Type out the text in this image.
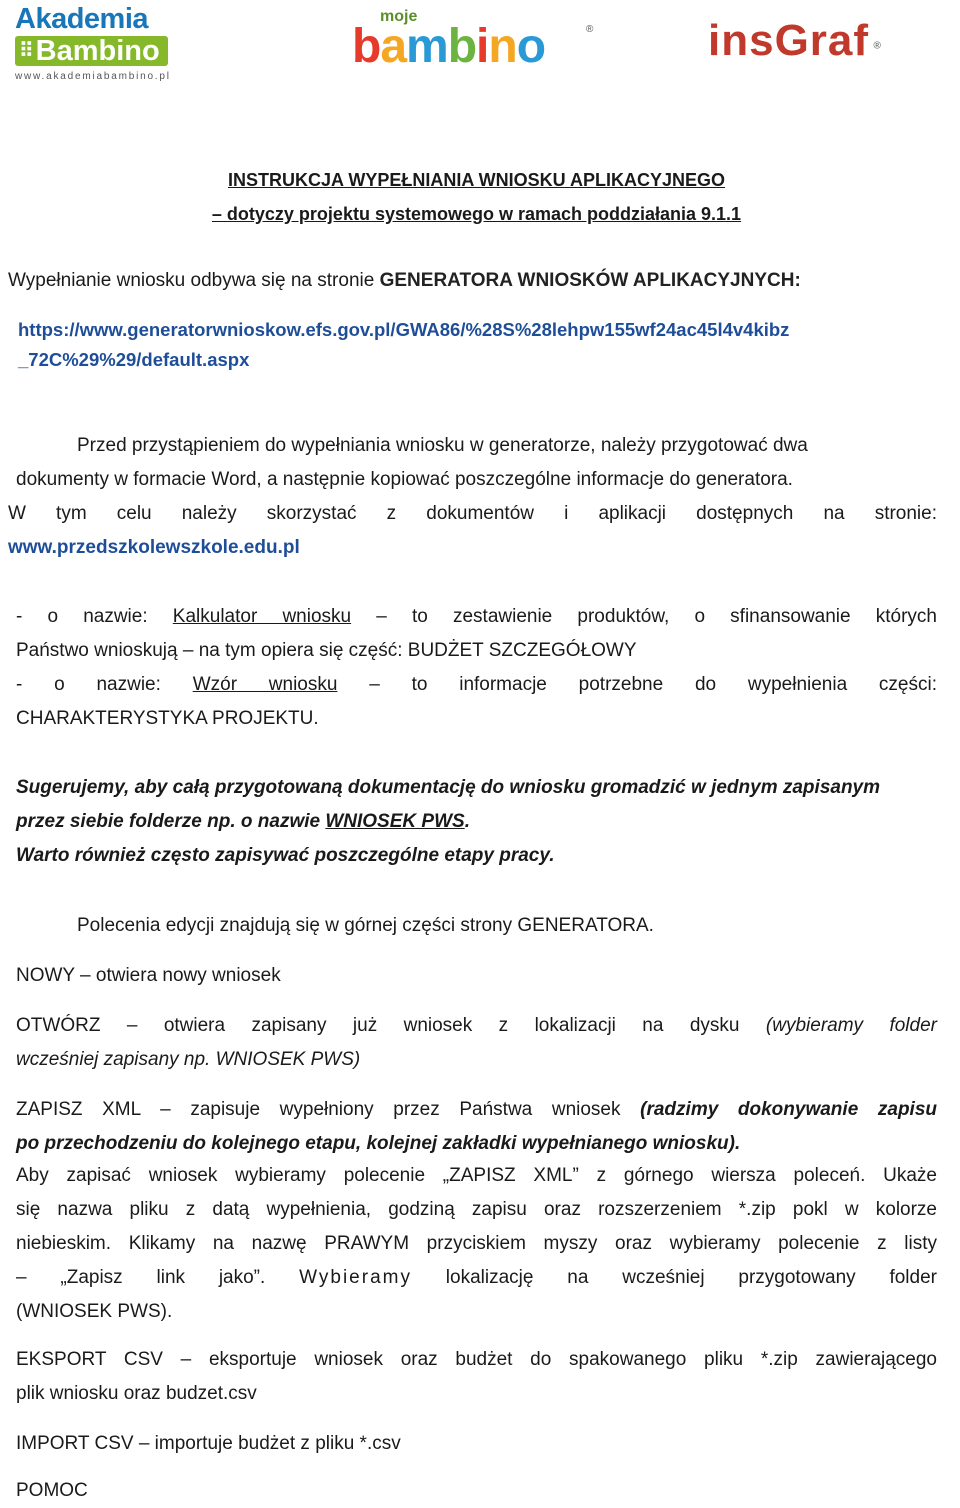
Akademia
⠿Bambino
www.akademiabambino.pl
moje
bambino	®	insGraf ®

INSTRUKCJA WYPEŁNIANIA WNIOSKU APLIKACYJNEGO

– dotyczy projektu systemowego w ramach poddziałania 9.1.1

Wypełnianie wniosku odbywa się na stronie GENERATORA WNIOSKÓW APLIKACYJNYCH:

https://www.generatorwnioskow.efs.gov.pl/GWA86/%28S%28lehpw155wf24ac45l4v4kibz

_72C%29%29/default.aspx

Przed przystąpieniem do wypełniania wniosku w generatorze, należy przygotować dwa

dokumenty w formacie Word, a następnie kopiować poszczególne informacje do generatora.

W tym celu należy skorzystać z dokumentów i aplikacji dostępnych na stronie:

www.przedszkolewszkole.edu.pl

- o nazwie: Kalkulator wniosku – to zestawienie produktów, o sfinansowanie których

Państwo wnioskują – na tym opiera się część: BUDŻET SZCZEGÓŁOWY

- o nazwie: Wzór wniosku – to informacje potrzebne do wypełnienia części:

CHARAKTERYSTYKA PROJEKTU.

Sugerujemy, aby całą przygotowaną dokumentację do wniosku gromadzić w jednym zapisanym

przez siebie folderze np. o nazwie WNIOSEK PWS.

Warto również często zapisywać poszczególne etapy pracy.

Polecenia edycji znajdują się w górnej części strony GENERATORA.

NOWY – otwiera nowy wniosek

OTWÓRZ – otwiera zapisany już wniosek z lokalizacji na dysku (wybieramy folder

wcześniej zapisany np. WNIOSEK PWS)

ZAPISZ XML – zapisuje wypełniony przez Państwa wniosek (radzimy dokonywanie zapisu

po przechodzeniu do kolejnego etapu, kolejnej zakładki wypełnianego wniosku).

Aby zapisać wniosek wybieramy polecenie „ZAPISZ XML” z górnego wiersza poleceń. Ukaże

się nazwa pliku z datą wypełnienia, godziną zapisu oraz rozszerzeniem *.zip pokl w kolorze

niebieskim. Klikamy na nazwę PRAWYM przyciskiem myszy oraz wybieramy polecenie z listy

– „Zapisz link jako”. Wybieramy lokalizację na wcześniej przygotowany folder

(WNIOSEK PWS).

EKSPORT CSV – eksportuje wniosek oraz budżet do spakowanego pliku *.zip zawierającego

plik wniosku oraz budzet.csv

IMPORT CSV – importuje budżet z pliku *.csv

POMOC
